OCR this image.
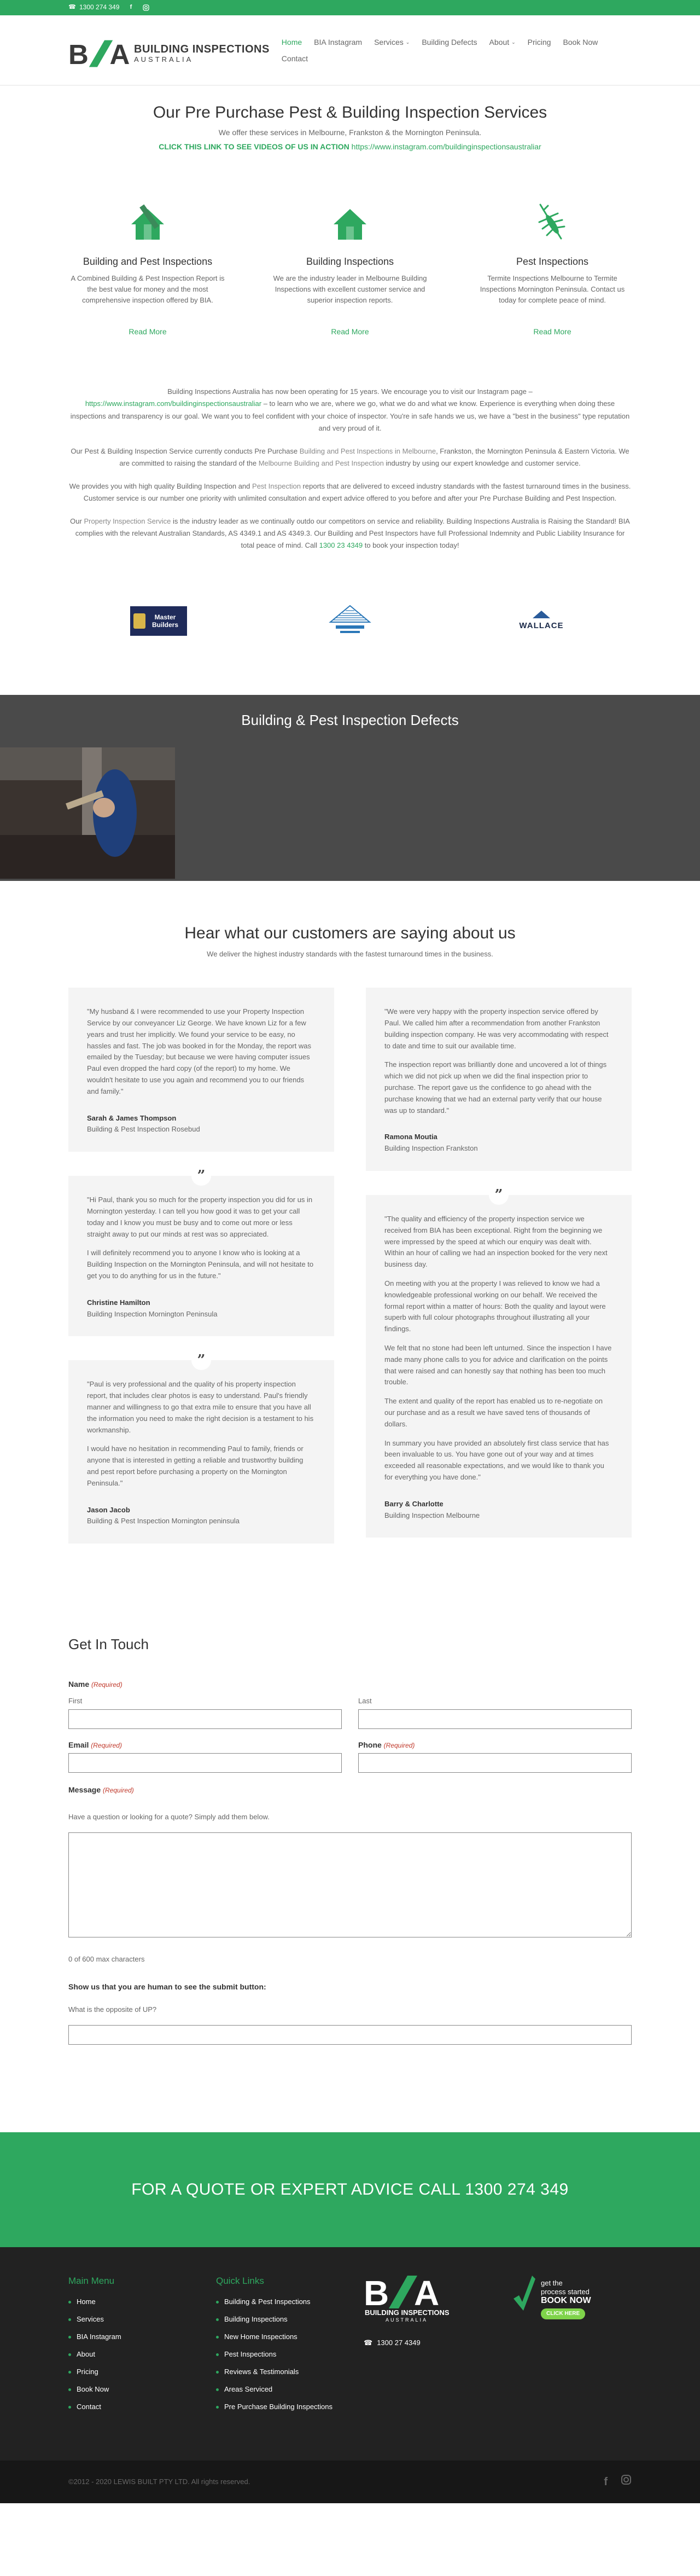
☎ 1300 274 349	f
B A BUILDING INSPECTIONS
AUSTRALIA
Home BIA Instagram Services ⌄ Building Defects About ⌄ Pricing Book Now
Contact
Our Pre Purchase Pest & Building Inspection Services
We offer these services in Melbourne, Frankston & the Mornington Peninsula.
CLICK THIS LINK TO SEE VIDEOS OF US IN ACTION https://www.instagram.com/buildinginspectionsaustraliar
Building and Pest Inspections

A Combined Building & Pest Inspection Report is the best value for money and the most comprehensive inspection offered by BIA.

Read More
Building Inspections

We are the industry leader in Melbourne Building Inspections with excellent customer service and superior inspection reports.

Read More
Pest Inspections

Termite Inspections Melbourne to Termite Inspections Mornington Peninsula. Contact us today for complete peace of mind.

Read More

Building Inspections Australia has now been operating for 15 years. We encourage you to visit our Instagram page –
https://www.instagram.com/buildinginspectionsaustraliar – to learn who we are, where we go, what we do and what we know. Experience is everything when doing these inspections and transparency is our goal. We want you to feel confident with your choice of inspector. You're in safe hands we us, we have a "best in the business" type reputation and very proud of it.

Our Pest & Building Inspection Service currently conducts Pre Purchase Building and Pest Inspections in Melbourne, Frankston, the Mornington Peninsula & Eastern Victoria. We are committed to raising the standard of the Melbourne Building and Pest Inspection industry by using our expert knowledge and customer service.

We provides you with high quality Building Inspection and Pest Inspection reports that are delivered to exceed industry standards with the fastest turnaround times in the business. Customer service is our number one priority with unlimited consultation and expert advice offered to you before and after your Pre Purchase Building and Pest Inspection.

Our Property Inspection Service is the industry leader as we continually outdo our competitors on service and reliability. Building Inspections Australia is Raising the Standard! BIA complies with the relevant Australian Standards, AS 4349.1 and AS 4349.3. Our Building and Pest Inspectors have full Professional Indemnity and Public Liability Insurance for total peace of mind. Call 1300 23 4349 to book your inspection today!

Master Builders	WALLACE
Building & Pest Inspection Defects
Hear what our customers are saying about us

We deliver the highest industry standards with the fastest turnaround times in the business.

"My husband & I were recommended to use your Property Inspection Service by our conveyancer Liz George. We have known Liz for a few years and trust her implicitly. We found your service to be easy, no hassles and fast. The job was booked in for the Monday, the report was emailed by the Tuesday; but because we were having computer issues Paul even dropped the hard copy (of the report) to my home. We wouldn't hesitate to use you again and recommend you to our friends and family."

Sarah & James Thompson
Building & Pest Inspection Rosebud
”

"Hi Paul, thank you so much for the property inspection you did for us in Mornington yesterday. I can tell you how good it was to get your call today and I know you must be busy and to come out more or less straight away to put our minds at rest was so appreciated.

I will definitely recommend you to anyone I know who is looking at a Building Inspection on the Mornington Peninsula, and will not hesitate to get you to do anything for us in the future."

Christine Hamilton
Building Inspection Mornington Peninsula
”

"Paul is very professional and the quality of his property inspection report, that includes clear photos is easy to understand. Paul's friendly manner and willingness to go that extra mile to ensure that you have all the information you need to make the right decision is a testament to his workmanship.

I would have no hesitation in recommending Paul to family, friends or anyone that is interested in getting a reliable and trustworthy building and pest report before purchasing a property on the Mornington Peninsula."

Jason Jacob
Building & Pest Inspection Mornington peninsula

"We were very happy with the property inspection service offered by Paul. We called him after a recommendation from another Frankston building inspection company. He was very accommodating with respect to date and time to suit our available time.

The inspection report was brilliantly done and uncovered a lot of things which we did not pick up when we did the final inspection prior to purchase. The report gave us the confidence to go ahead with the purchase knowing that we had an external party verify that our house was up to standard."

Ramona Moutia
Building Inspection Frankston
”

"The quality and efficiency of the property inspection service we received from BIA has been exceptional. Right from the beginning we were impressed by the speed at which our enquiry was dealt with. Within an hour of calling we had an inspection booked for the very next business day.

On meeting with you at the property I was relieved to know we had a knowledgeable professional working on our behalf. We received the formal report within a matter of hours: Both the quality and layout were superb with full colour photographs throughout illustrating all your findings.

We felt that no stone had been left unturned. Since the inspection I have made many phone calls to you for advice and clarification on the points that were raised and can honestly say that nothing has been too much trouble.

The extent and quality of the report has enabled us to re-negotiate on our purchase and as a result we have saved tens of thousands of dollars.

In summary you have provided an absolutely first class service that has been invaluable to us. You have gone out of your way and at times exceeded all reasonable expectations, and we would like to thank you for everything you have done."

Barry & Charlotte
Building Inspection Melbourne
Get In Touch
Name (Required)
First	Last
Email (Required)	Phone (Required)
Message (Required)
Have a question or looking for a quote? Simply add them below.
0 of 600 max characters
Show us that you are human to see the submit button:
What is the opposite of UP?
FOR A QUOTE OR EXPERT ADVICE CALL 1300 274 349
Main Menu
Home
Services
BIA Instagram
About
Pricing
Book Now
Contact
Quick Links
Building & Pest Inspections
Building Inspections
New Home Inspections
Pest Inspections
Reviews & Testimonials
Areas Serviced
Pre Purchase Building Inspections
B A
BUILDING INSPECTIONS
AUSTRALIA
☎ 1300 27 4349
get the
process started
BOOK NOW
CLICK HERE
©2012 - 2020 LEWIS BUILT PTY LTD. All rights reserved.	f
